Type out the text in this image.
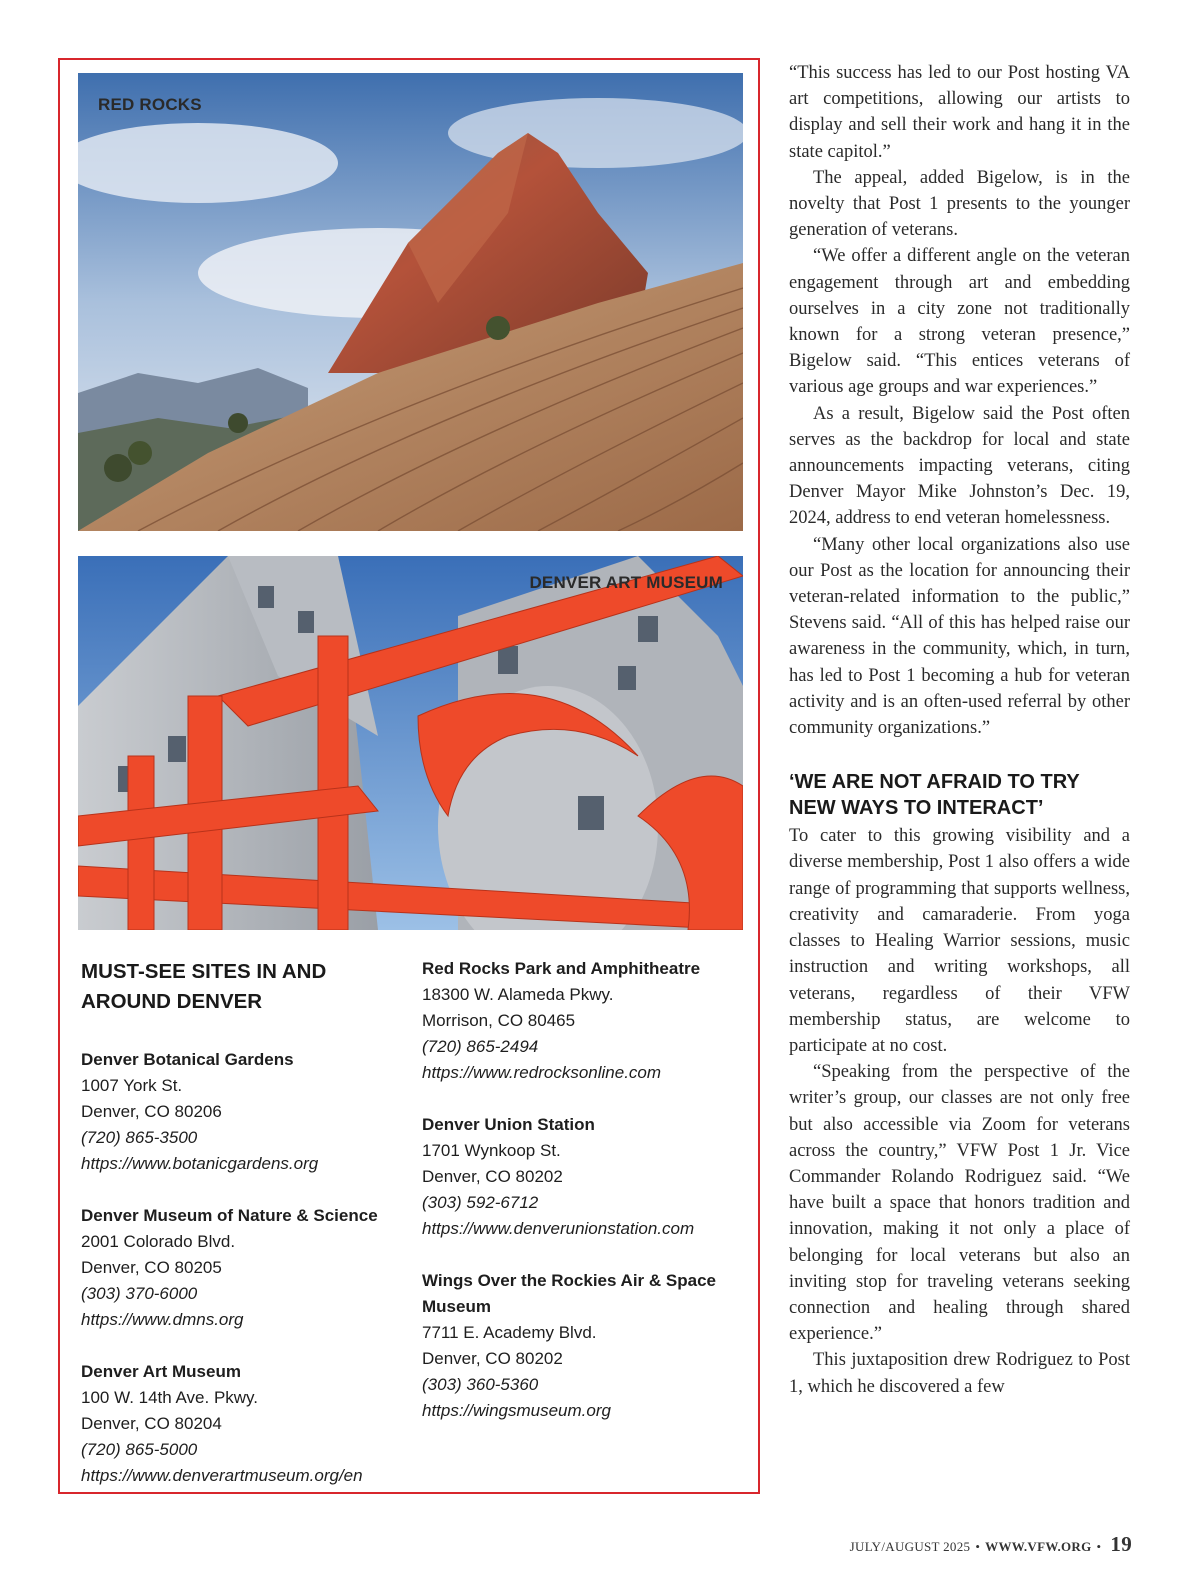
RED ROCKS
DENVER ART MUSEUM
MUST-SEE SITES IN AND AROUND DENVER
Denver Botanical Gardens
1007 York St.
Denver, CO 80206
(720) 865-3500
https://www.botanicgardens.org
Denver Museum of Nature & Science
2001 Colorado Blvd.
Denver, CO 80205
(303) 370-6000
https://www.dmns.org
Denver Art Museum
100 W. 14th Ave. Pkwy.
Denver, CO 80204
(720) 865-5000
https://www.denverartmuseum.org/en
Red Rocks Park and Amphitheatre
18300 W. Alameda Pkwy.
Morrison, CO 80465
(720) 865-2494
https://www.redrocksonline.com
Denver Union Station
1701 Wynkoop St.
Denver, CO 80202
(303) 592-6712
https://www.denverunionstation.com
Wings Over the Rockies Air & Space Museum
7711 E. Academy Blvd.
Denver, CO 80202
(303) 360-5360
https://wingsmuseum.org

“This success has led to our Post hosting VA art competitions, allowing our artists to display and sell their work and hang it in the state capitol.”

The appeal, added Bigelow, is in the novelty that Post 1 presents to the younger generation of veterans.

“We offer a different angle on the veteran engagement through art and embedding ourselves in a city zone not traditionally known for a strong veteran presence,” Bigelow said. “This entices veterans of various age groups and war experiences.”

As a result, Bigelow said the Post often serves as the backdrop for local and state announcements impacting veterans, citing Denver Mayor Mike Johnston’s Dec. 19, 2024, address to end veteran homelessness.

“Many other local organizations also use our Post as the location for announcing their veteran-related information to the public,” Stevens said. “All of this has helped raise our awareness in the community, which, in turn, has led to Post 1 becoming a hub for veteran activity and is an often-used referral by other community organizations.”

‘WE ARE NOT AFRAID TO TRY NEW WAYS TO INTERACT’

To cater to this growing visibility and a diverse membership, Post 1 also offers a wide range of programming that supports wellness, creativity and camaraderie. From yoga classes to Healing Warrior sessions, music instruction and writing workshops, all veterans, regardless of their VFW membership status, are welcome to participate at no cost.

“Speaking from the perspective of the writer’s group, our classes are not only free but also accessible via Zoom for veterans across the country,” VFW Post 1 Jr. Vice Commander Rolando Rodriguez said. “We have built a space that honors tradition and innovation, making it not only a place of belonging for local veterans but also an inviting stop for traveling veterans seeking connection and healing through shared experience.”

This juxtaposition drew Rodriguez to Post 1, which he discovered a few

JULY/AUGUST 2025 • WWW.VFW.ORG • 19
